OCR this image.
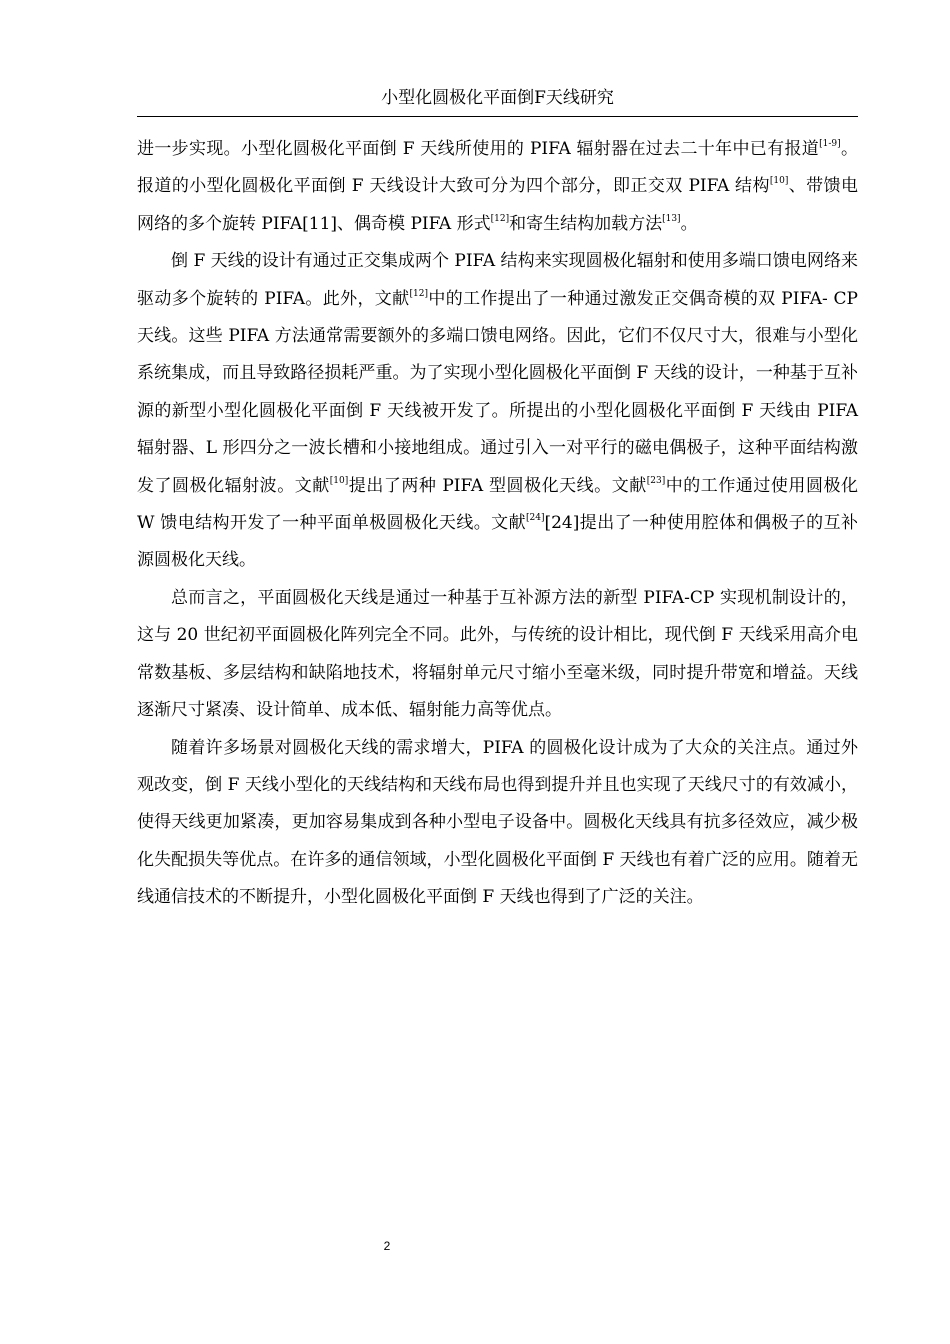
小型化圆极化平面倒F天线研究

进一步实现。小型化圆极化平面倒 F 天线所使用的 PIFA 辐射器在过去二十年中已有报道[1-9]。报道的小型化圆极化平面倒 F 天线设计大致可分为四个部分，即正交双 PIFA 结构[10]、带馈电网络的多个旋转 PIFA[11]、偶奇模 PIFA 形式[12]和寄生结构加载方法[13]。

倒 F 天线的设计有通过正交集成两个 PIFA 结构来实现圆极化辐射和使用多端口馈电网络来驱动多个旋转的 PIFA。此外，文献[12]中的工作提出了一种通过激发正交偶奇模的双 PIFA- CP 天线。这些 PIFA 方法通常需要额外的多端口馈电网络。因此，它们不仅尺寸大，很难与小型化系统集成，而且导致路径损耗严重。为了实现小型化圆极化平面倒 F 天线的设计，一种基于互补源的新型小型化圆极化平面倒 F 天线被开发了。所提出的小型化圆极化平面倒 F 天线由 PIFA 辐射器、L 形四分之一波长槽和小接地组成。通过引入一对平行的磁电偶极子，这种平面结构激发了圆极化辐射波。文献[10]提出了两种 PIFA 型圆极化天线。文献[23]中的工作通过使用圆极化 W 馈电结构开发了一种平面单极圆极化天线。文献[24][24]提出了一种使用腔体和偶极子的互补源圆极化天线。

总而言之，平面圆极化天线是通过一种基于互补源方法的新型 PIFA-CP 实现机制设计的，这与 20 世纪初平面圆极化阵列完全不同。此外，与传统的设计相比，现代倒 F 天线采用高介电常数基板、多层结构和缺陷地技术，将辐射单元尺寸缩小至毫米级，同时提升带宽和增益。天线逐渐尺寸紧凑、设计简单、成本低、辐射能力高等优点。

随着许多场景对圆极化天线的需求增大，PIFA 的圆极化设计成为了大众的关注点。通过外观改变，倒 F 天线小型化的天线结构和天线布局也得到提升并且也实现了天线尺寸的有效减小，使得天线更加紧凑，更加容易集成到各种小型电子设备中。圆极化天线具有抗多径效应，减少极化失配损失等优点。在许多的通信领域，小型化圆极化平面倒 F 天线也有着广泛的应用。随着无线通信技术的不断提升，小型化圆极化平面倒 F 天线也得到了广泛的关注。

2
